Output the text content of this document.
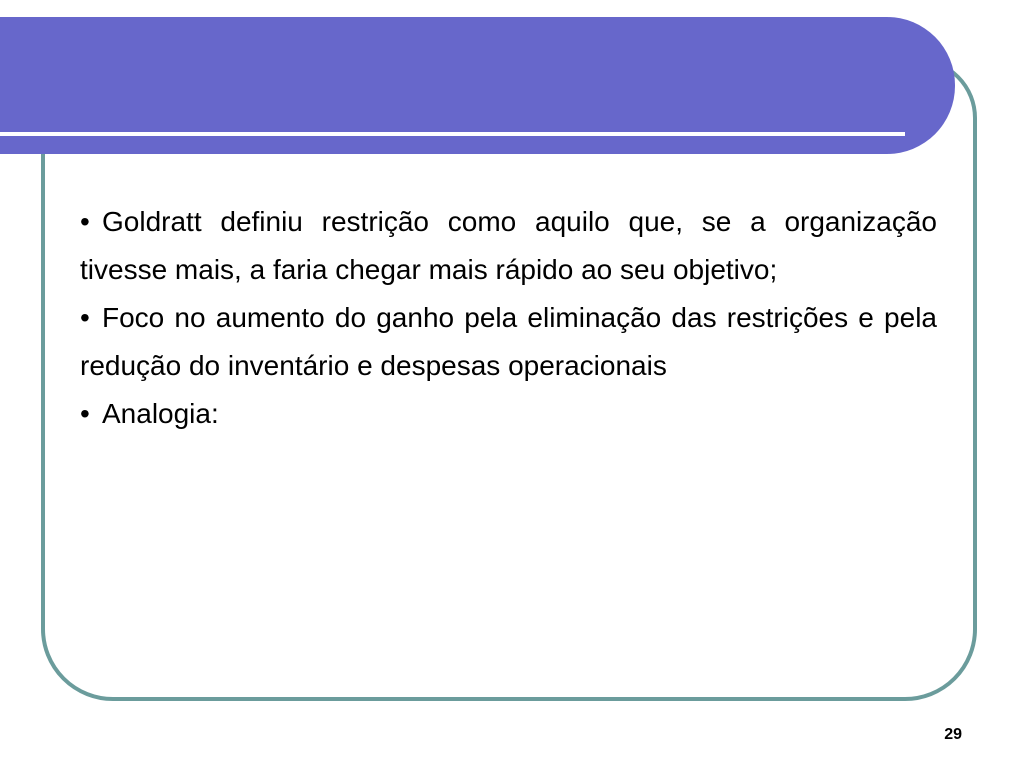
• Goldratt definiu restrição como aquilo que, se a organização tivesse mais, a faria chegar mais rápido ao seu objetivo;
• Foco no aumento do ganho pela eliminação das restrições e pela redução do inventário e despesas operacionais
• Analogia:
29
